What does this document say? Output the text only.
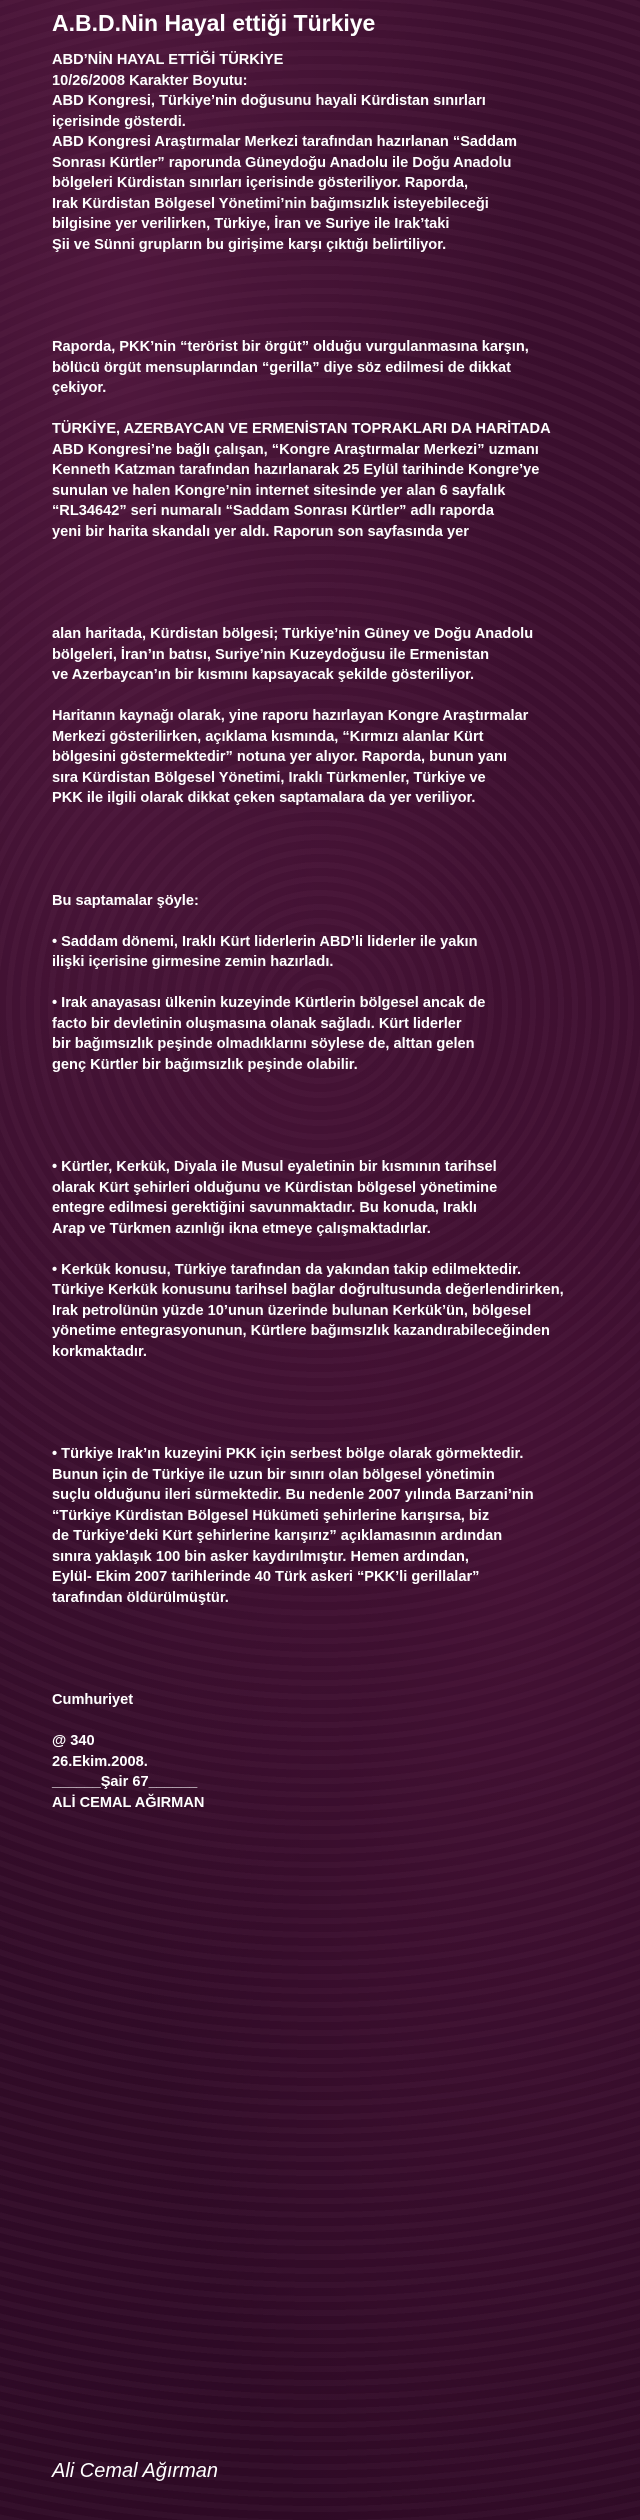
A.B.D.Nin Hayal ettiği Türkiye
ABD’NİN HAYAL ETTİĞİ TÜRKİYE
10/26/2008 Karakter Boyutu:
ABD Kongresi, Türkiye’nin doğusunu hayali Kürdistan sınırları
içerisinde gösterdi.
ABD Kongresi Araştırmalar Merkezi tarafından hazırlanan “Saddam
Sonrası Kürtler” raporunda Güneydoğu Anadolu ile Doğu Anadolu
bölgeleri Kürdistan sınırları içerisinde gösteriliyor. Raporda,
Irak Kürdistan Bölgesel Yönetimi’nin bağımsızlık isteyebileceği
bilgisine yer verilirken, Türkiye, İran ve Suriye ile Irak’taki
Şii ve Sünni grupların bu girişime karşı çıktığı belirtiliyor.
Raporda, PKK’nin “terörist bir örgüt” olduğu vurgulanmasına karşın,
bölücü örgüt mensuplarından “gerilla” diye söz edilmesi de dikkat
çekiyor.
TÜRKİYE, AZERBAYCAN VE ERMENİSTAN TOPRAKLARI DA HARİTADA
ABD Kongresi’ne bağlı çalışan, “Kongre Araştırmalar Merkezi” uzmanı
Kenneth Katzman tarafından hazırlanarak 25 Eylül tarihinde Kongre’ye
sunulan ve halen Kongre’nin internet sitesinde yer alan 6 sayfalık
“RL34642” seri numaralı “Saddam Sonrası Kürtler” adlı raporda
yeni bir harita skandalı yer aldı. Raporun son sayfasında yer
alan haritada, Kürdistan bölgesi; Türkiye’nin Güney ve Doğu Anadolu
bölgeleri, İran’ın batısı, Suriye’nin Kuzeydoğusu ile Ermenistan
ve Azerbaycan’ın bir kısmını kapsayacak şekilde gösteriliyor.
Haritanın kaynağı olarak, yine raporu hazırlayan Kongre Araştırmalar
Merkezi gösterilirken, açıklama kısmında, “Kırmızı alanlar Kürt
bölgesini göstermektedir” notuna yer alıyor. Raporda, bunun yanı
sıra Kürdistan Bölgesel Yönetimi, Iraklı Türkmenler, Türkiye ve
PKK ile ilgili olarak dikkat çeken saptamalara da yer veriliyor.
Bu saptamalar şöyle:
• Saddam dönemi, Iraklı Kürt liderlerin ABD’li liderler ile yakın
ilişki içerisine girmesine zemin hazırladı.
• Irak anayasası ülkenin kuzeyinde Kürtlerin bölgesel ancak de
facto bir devletinin oluşmasına olanak sağladı. Kürt liderler
bir bağımsızlık peşinde olmadıklarını söylese de, alttan gelen
genç Kürtler bir bağımsızlık peşinde olabilir.
• Kürtler, Kerkük, Diyala ile Musul eyaletinin bir kısmının tarihsel
olarak Kürt şehirleri olduğunu ve Kürdistan bölgesel yönetimine
entegre edilmesi gerektiğini savunmaktadır. Bu konuda, Iraklı
Arap ve Türkmen azınlığı ikna etmeye çalışmaktadırlar.
• Kerkük konusu, Türkiye tarafından da yakından takip edilmektedir.
Türkiye Kerkük konusunu tarihsel bağlar doğrultusunda değerlendirirken,
Irak petrolünün yüzde 10’unun üzerinde bulunan Kerkük’ün, bölgesel
yönetime entegrasyonunun, Kürtlere bağımsızlık kazandırabileceğinden
korkmaktadır.
• Türkiye Irak’ın kuzeyini PKK için serbest bölge olarak görmektedir.
Bunun için de Türkiye ile uzun bir sınırı olan bölgesel yönetimin
suçlu olduğunu ileri sürmektedir. Bu nedenle 2007 yılında Barzani’nin
“Türkiye Kürdistan Bölgesel Hükümeti şehirlerine karışırsa, biz
de Türkiye’deki Kürt şehirlerine karışırız” açıklamasının ardından
sınıra yaklaşık 100 bin asker kaydırılmıştır. Hemen ardından,
Eylül- Ekim 2007 tarihlerinde 40 Türk askeri “PKK’li gerillalar”
tarafından öldürülmüştür.
Cumhuriyet
@ 340
26.Ekim.2008.
______Şair 67______
ALİ CEMAL AĞIRMAN
Ali Cemal Ağırman
